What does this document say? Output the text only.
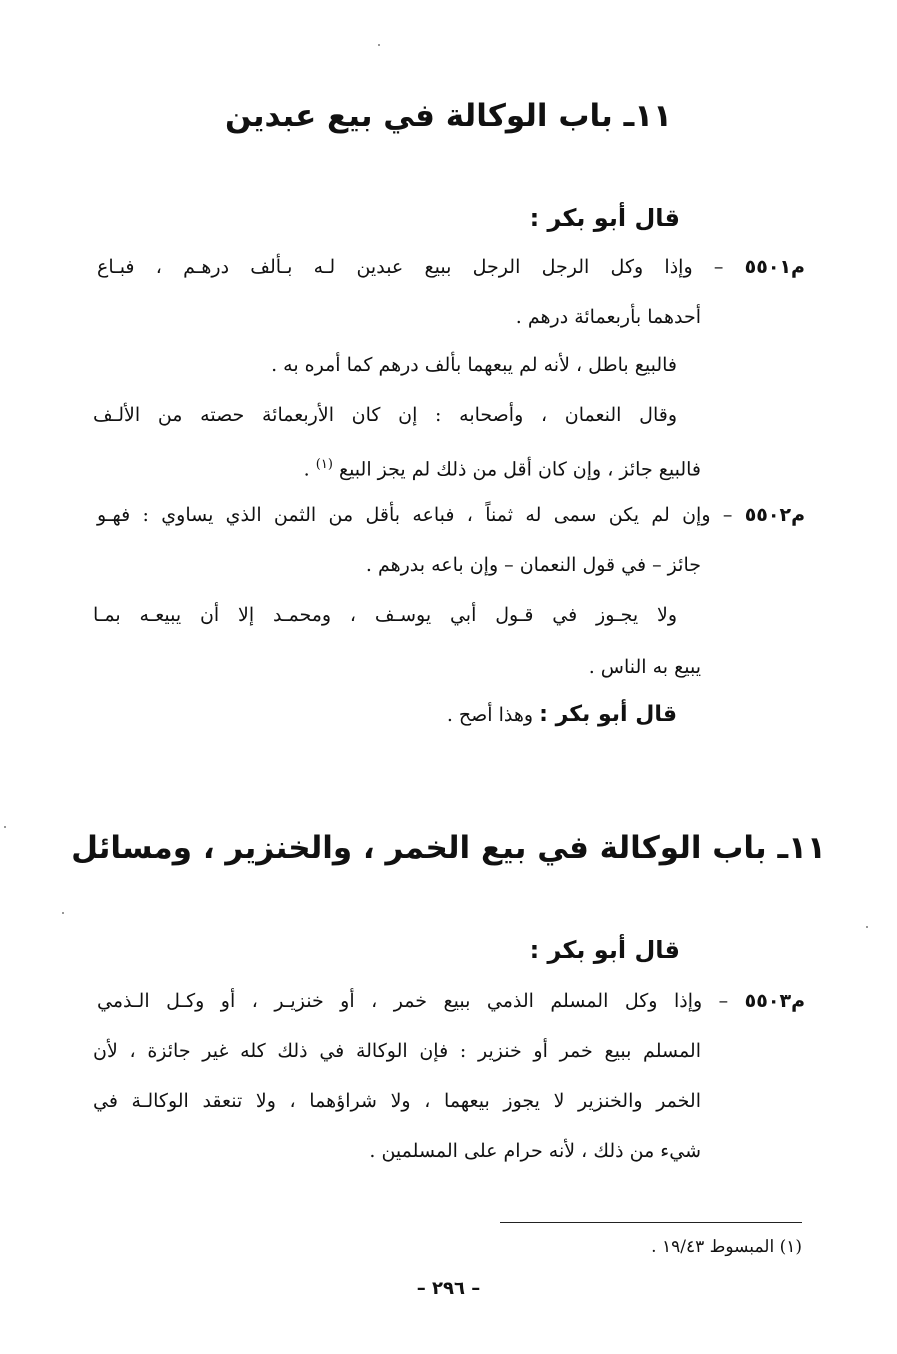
١١ـ باب الوكالة في بيع عبدين
قال أبو بكر :
م٥٥٠١ – وإذا وكل الرجل الرجل ببيع عبدين لـه بـألف درهـم ، فبـاع
أحدهما بأربعمائة درهم .
فالبيع باطل ، لأنه لم يبعهما بألف درهم كما أمره به .
وقال النعمان ، وأصحابه : إن كان الأربعمائة حصته من الألـف
فالبيع جائز ، وإن كان أقل من ذلك لم يجز البيع $^{(١)}$ .
م٥٥٠٢ – وإن لم يكن سمى له ثمناً ، فباعه بأقل من الثمن الذي يساوي : فهـو
جائز – في قول النعمان – وإن باعه بدرهم .
ولا يجـوز في قـول أبي يوسـف ، ومحمـد إلا أن يبيعـه بمـا
يبيع به الناس .
قال أبو بكر : وهذا أصح .
١١ـ باب الوكالة في بيع الخمر ، والخنزير ، ومسائل
قال أبو بكر :
م٥٥٠٣ – وإذا وكل المسلم الذمي ببيع خمر ، أو خنزيـر ، أو وكـل الـذمي
المسلم ببيع خمر أو خنزير : فإن الوكالة في ذلك كله غير جائزة ، لأن
الخمر والخنزير لا يجوز بيعهما ، ولا شراؤهما ، ولا تنعقد الوكالـة في
شيء من ذلك ، لأنه حرام على المسلمين .
(١) المبسوط ١٩/٤٣ .
– ٢٩٦ –
